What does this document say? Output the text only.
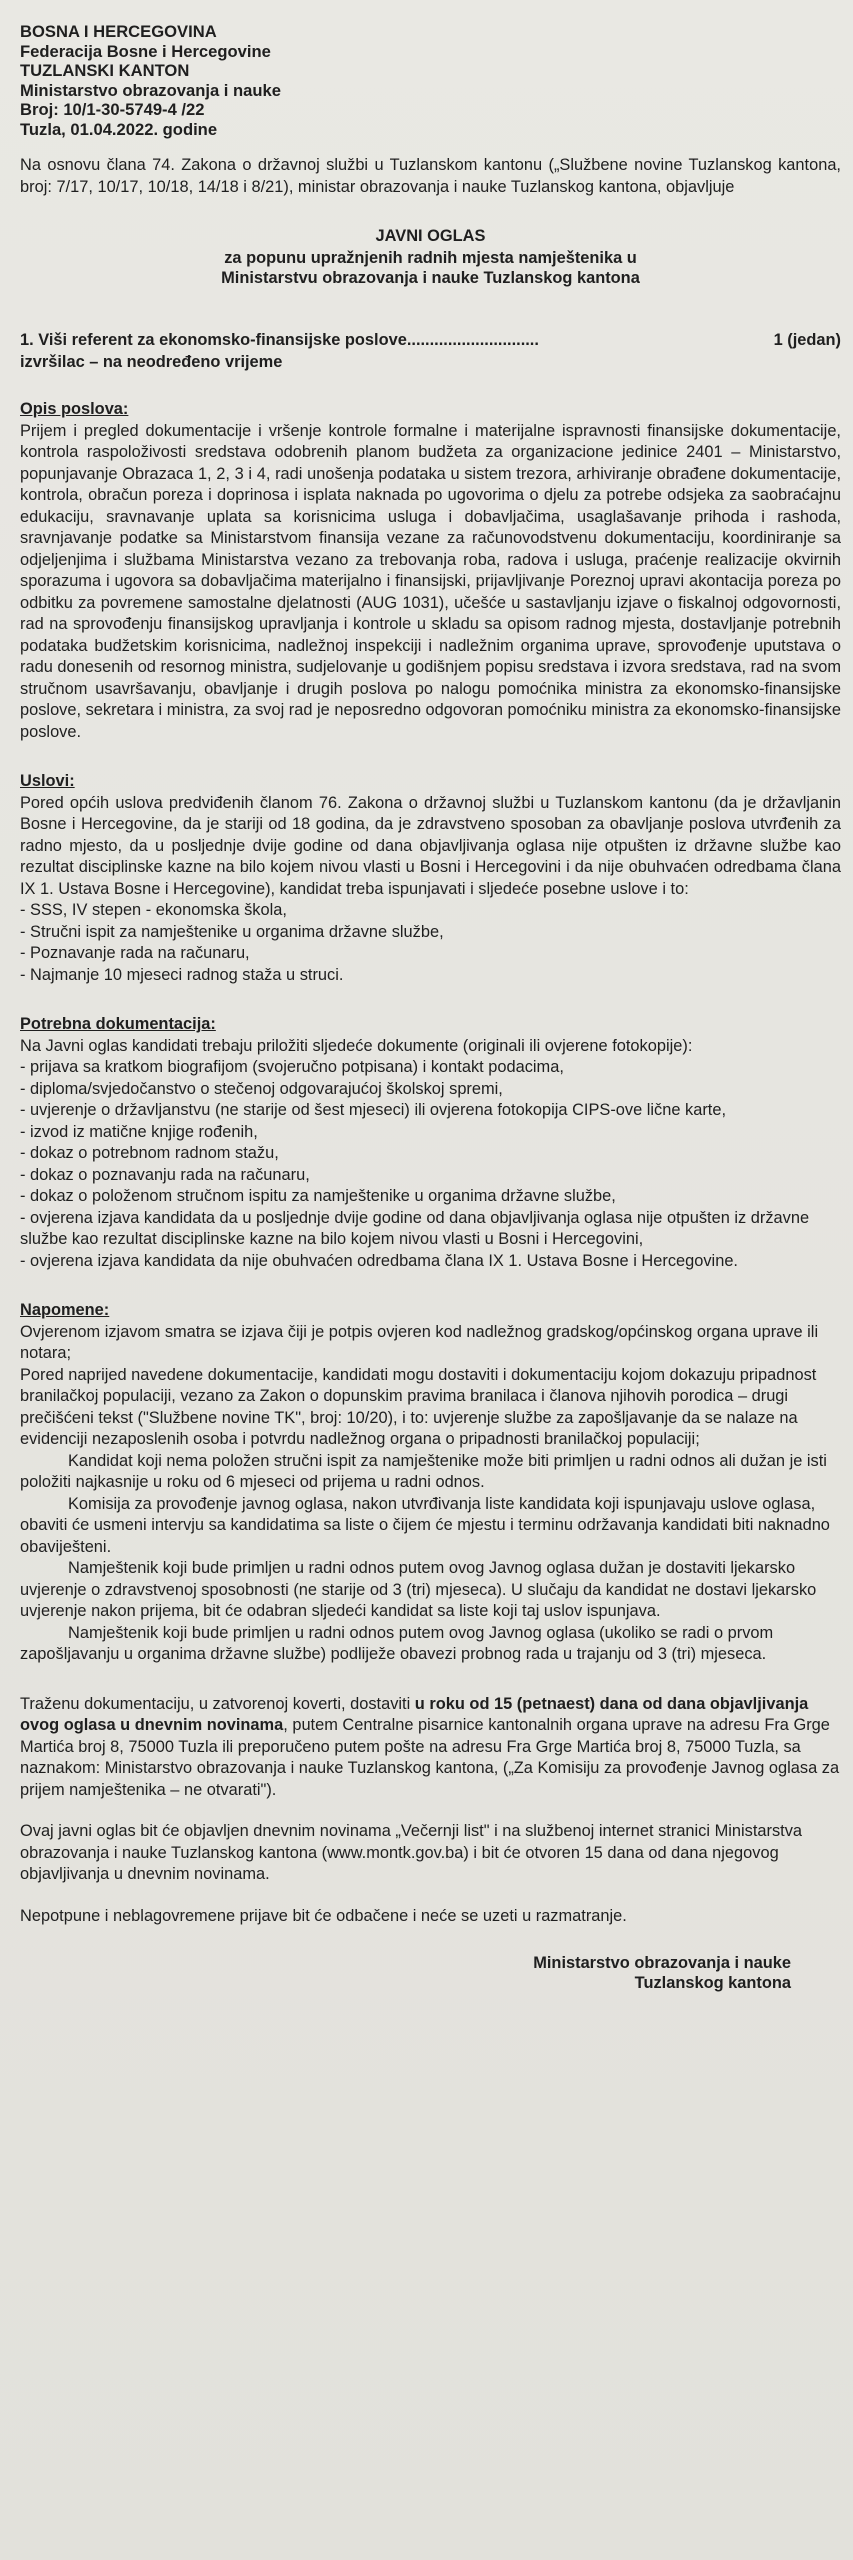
BOSNA I HERCEGOVINA
Federacija Bosne i Hercegovine
TUZLANSKI KANTON
Ministarstvo obrazovanja i nauke
Broj: 10/1-30-5749-4 /22
Tuzla, 01.04.2022. godine

Na osnovu člana 74. Zakona o državnoj službi u Tuzlanskom kantonu („Službene novine Tuzlanskog kantona, broj: 7/17, 10/17, 10/18, 14/18 i 8/21), ministar obrazovanja i nauke Tuzlanskog kantona, objavljuje

JAVNI OGLAS
za popunu upražnjenih radnih mjesta namještenika u
Ministarstvu obrazovanja i nauke Tuzlanskog kantona
1. Viši referent za ekonomsko-finansijske poslove.............................	1 (jedan)
izvršilac – na neodređeno vrijeme

Opis poslova:

Prijem i pregled dokumentacije i vršenje kontrole formalne i materijalne ispravnosti finansijske dokumentacije, kontrola raspoloživosti sredstava odobrenih planom budžeta za organizacione jedinice 2401 – Ministarstvo, popunjavanje Obrazaca 1, 2, 3 i 4, radi unošenja podataka u sistem trezora, arhiviranje obrađene dokumentacije, kontrola, obračun poreza i doprinosa i isplata naknada po ugovorima o djelu za potrebe odsjeka za saobraćajnu edukaciju, sravnavanje uplata sa korisnicima usluga i dobavljačima, usaglašavanje prihoda i rashoda, sravnjavanje podatke sa Ministarstvom finansija vezane za računovodstvenu dokumentaciju, koordiniranje sa odjeljenjima i službama Ministarstva vezano za trebovanja roba, radova i usluga, praćenje realizacije okvirnih sporazuma i ugovora sa dobavljačima materijalno i finansijski, prijavljivanje Poreznoj upravi akontacija poreza po odbitku za povremene samostalne djelatnosti (AUG 1031), učešće u sastavljanju izjave o fiskalnoj odgovornosti, rad na sprovođenju finansijskog upravljanja i kontrole u skladu sa opisom radnog mjesta, dostavljanje potrebnih podataka budžetskim korisnicima, nadležnoj inspekciji i nadležnim organima uprave, sprovođenje uputstava o radu donesenih od resornog ministra, sudjelovanje u godišnjem popisu sredstava i izvora sredstava, rad na svom stručnom usavršavanju, obavljanje i drugih poslova po nalogu pomoćnika ministra za ekonomsko-finansijske poslove, sekretara i ministra, za svoj rad je neposredno odgovoran pomoćniku ministra za ekonomsko-finansijske poslove.

Uslovi:

Pored općih uslova predviđenih članom 76. Zakona o državnoj službi u Tuzlanskom kantonu (da je državljanin Bosne i Hercegovine, da je stariji od 18 godina, da je zdravstveno sposoban za obavljanje poslova utvrđenih za radno mjesto, da u posljednje dvije godine od dana objavljivanja oglasa nije otpušten iz državne službe kao rezultat disciplinske kazne na bilo kojem nivou vlasti u Bosni i Hercegovini i da nije obuhvaćen odredbama člana IX 1. Ustava Bosne i Hercegovine), kandidat treba ispunjavati i sljedeće posebne uslove i to:

- SSS, IV stepen - ekonomska škola,
- Stručni ispit za namještenike u organima državne službe,
- Poznavanje rada na računaru,
- Najmanje 10 mjeseci radnog staža u struci.

Potrebna dokumentacija:

Na Javni oglas kandidati trebaju priložiti sljedeće dokumente (originali ili ovjerene fotokopije):

- prijava sa kratkom biografijom (svojeručno potpisana) i kontakt podacima,
- diploma/svjedočanstvo o stečenoj odgovarajućoj školskoj spremi,
- uvjerenje o državljanstvu (ne starije od šest mjeseci) ili ovjerena fotokopija CIPS-ove lične karte,
- izvod iz matične knjige rođenih,
- dokaz o potrebnom radnom stažu,
- dokaz o poznavanju rada na računaru,
- dokaz o položenom stručnom ispitu za namještenike u organima državne službe,
- ovjerena izjava kandidata da u posljednje dvije godine od dana objavljivanja oglasa nije otpušten iz državne službe kao rezultat disciplinske kazne na bilo kojem nivou vlasti u Bosni i Hercegovini,
- ovjerena izjava kandidata da nije obuhvaćen odredbama člana IX 1. Ustava Bosne i Hercegovine.

Napomene:

Ovjerenom izjavom smatra se izjava čiji je potpis ovjeren kod nadležnog gradskog/općinskog organa uprave ili notara;

Pored naprijed navedene dokumentacije, kandidati mogu dostaviti i dokumentaciju kojom dokazuju pripadnost branilačkoj populaciji, vezano za Zakon o dopunskim pravima branilaca i članova njihovih porodica – drugi prečišćeni tekst ("Službene novine TK", broj: 10/20), i to: uvjerenje službe za zapošljavanje da se nalaze na evidenciji nezaposlenih osoba i potvrdu nadležnog organa o pripadnosti branilačkoj populaciji;

Kandidat koji nema položen stručni ispit za namještenike može biti primljen u radni odnos ali dužan je isti položiti najkasnije u roku od 6 mjeseci od prijema u radni odnos.

Komisija za provođenje javnog oglasa, nakon utvrđivanja liste kandidata koji ispunjavaju uslove oglasa, obaviti će usmeni intervju sa kandidatima sa liste o čijem će mjestu i terminu održavanja kandidati biti naknadno obaviješteni.

Namještenik koji bude primljen u radni odnos putem ovog Javnog oglasa dužan je dostaviti ljekarsko uvjerenje o zdravstvenoj sposobnosti (ne starije od 3 (tri) mjeseca). U slučaju da kandidat ne dostavi ljekarsko uvjerenje nakon prijema, bit će odabran sljedeći kandidat sa liste koji taj uslov ispunjava.

Namještenik koji bude primljen u radni odnos putem ovog Javnog oglasa (ukoliko se radi o prvom zapošljavanju u organima državne službe) podliježe obavezi probnog rada u trajanju od 3 (tri) mjeseca.

Traženu dokumentaciju, u zatvorenoj koverti, dostaviti u roku od 15 (petnaest) dana od dana objavljivanja ovog oglasa u dnevnim novinama, putem Centralne pisarnice kantonalnih organa uprave na adresu Fra Grge Martića broj 8, 75000 Tuzla ili preporučeno putem pošte na adresu Fra Grge Martića broj 8, 75000 Tuzla, sa naznakom: Ministarstvo obrazovanja i nauke Tuzlanskog kantona, („Za Komisiju za provođenje Javnog oglasa za prijem namještenika – ne otvarati").

Ovaj javni oglas bit će objavljen dnevnim novinama „Večernji list" i na službenoj internet stranici Ministarstva obrazovanja i nauke Tuzlanskog kantona (www.montk.gov.ba) i bit će otvoren 15 dana od dana njegovog objavljivanja u dnevnim novinama.

Nepotpune i neblagovremene prijave bit će odbačene i neće se uzeti u razmatranje.

Ministarstvo obrazovanja i nauke
Tuzlanskog kantona
